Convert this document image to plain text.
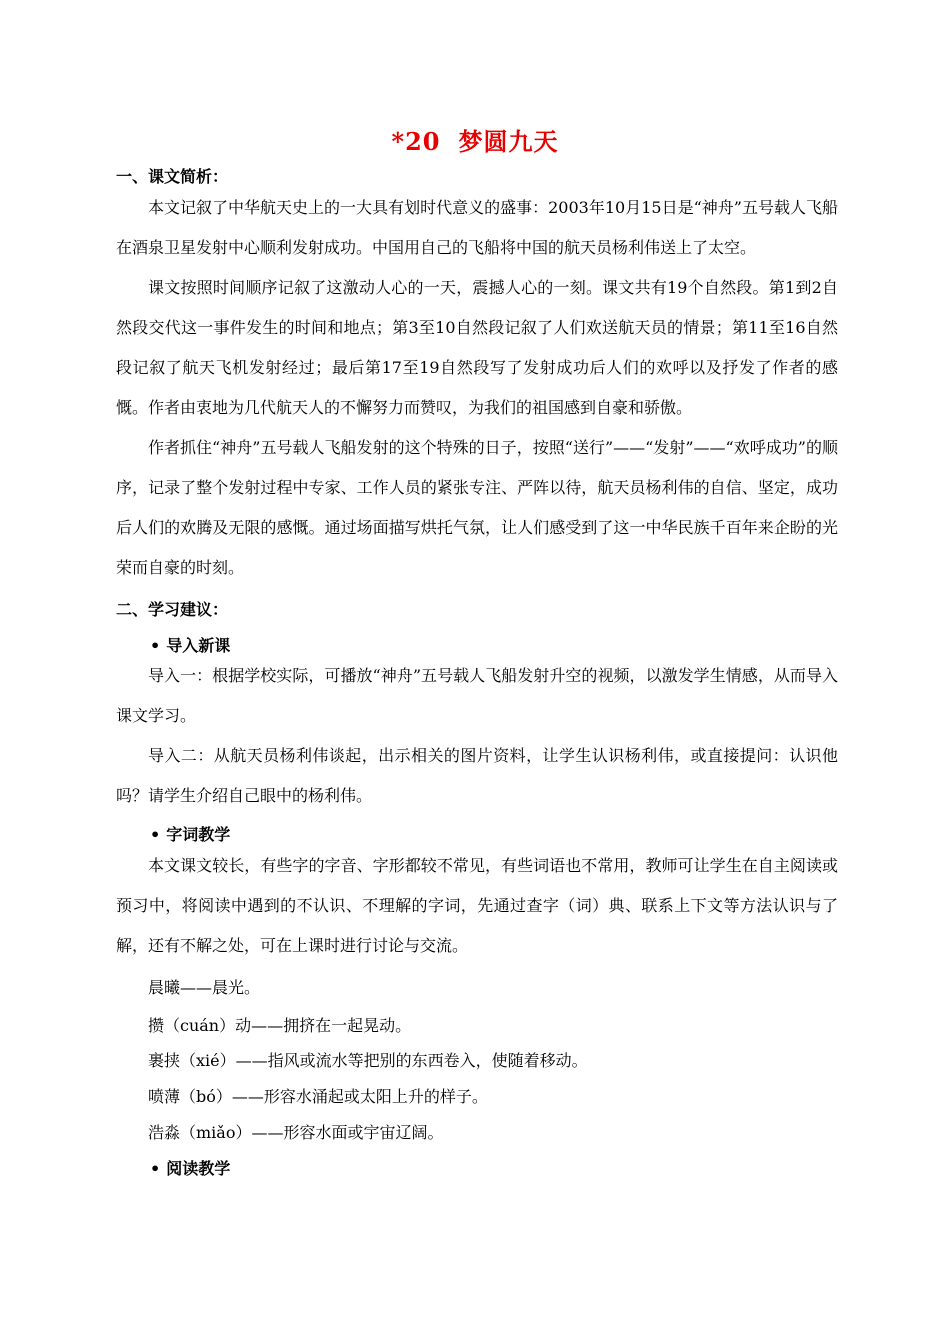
*20 梦圆九天
一、课文简析：
本文记叙了中华航天史上的一大具有划时代意义的盛事：2003年10月15日是“神舟”五号载人飞船在酒泉卫星发射中心顺利发射成功。中国用自己的飞船将中国的航天员杨利伟送上了太空。
课文按照时间顺序记叙了这激动人心的一天，震撼人心的一刻。课文共有19个自然段。第1到2自然段交代这一事件发生的时间和地点；第3至10自然段记叙了人们欢送航天员的情景；第11至16自然段记叙了航天飞机发射经过；最后第17至19自然段写了发射成功后人们的欢呼以及抒发了作者的感慨。作者由衷地为几代航天人的不懈努力而赞叹，为我们的祖国感到自豪和骄傲。
作者抓住“神舟”五号载人飞船发射的这个特殊的日子，按照“送行”——“发射”——“欢呼成功”的顺序，记录了整个发射过程中专家、工作人员的紧张专注、严阵以待，航天员杨利伟的自信、坚定，成功后人们的欢腾及无限的感慨。通过场面描写烘托气氛，让人们感受到了这一中华民族千百年来企盼的光荣而自豪的时刻。
二、学习建议：
• 导入新课
导入一：根据学校实际，可播放“神舟”五号载人飞船发射升空的视频，以激发学生情感，从而导入课文学习。
导入二：从航天员杨利伟谈起，出示相关的图片资料，让学生认识杨利伟，或直接提问：认识他吗？请学生介绍自己眼中的杨利伟。
• 字词教学
本文课文较长，有些字的字音、字形都较不常见，有些词语也不常用，教师可让学生在自主阅读或预习中，将阅读中遇到的不认识、不理解的字词，先通过查字（词）典、联系上下文等方法认识与了解，还有不解之处，可在上课时进行讨论与交流。
晨曦——晨光。
攒（cuán）动——拥挤在一起晃动。
裹挟（xié）——指风或流水等把别的东西卷入，使随着移动。
喷薄（bó）——形容水涌起或太阳上升的样子。
浩淼（miǎo）——形容水面或宇宙辽阔。
• 阅读教学
